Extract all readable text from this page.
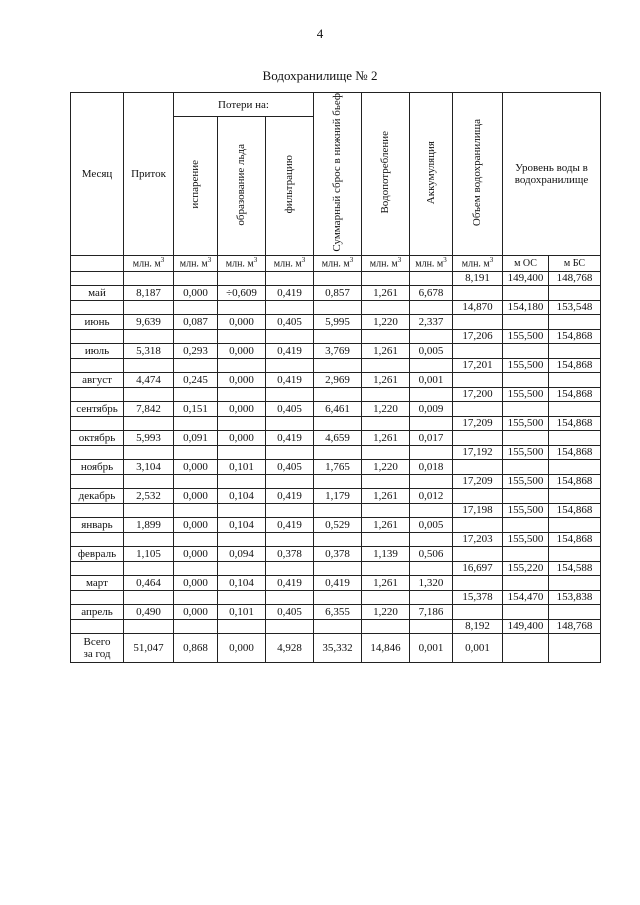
4
Водохранилище № 2
Месяц	Приток	Потери на:			Суммарный сброс в нижний бьеф	Водопотребление	Аккумуляция	Объем водохранилища	Уровень воды в водохранилище	
		испарение	образование льда	фильтрацию						
	млн. $м^3$	млн. $м^3$	млн. $м^3$	млн. $м^3$	млн. $м^3$	млн. $м^3$	млн. $м^3$	млн. $м^3$	м ОС	м БС
								8,191	149,400	148,768
май	8,187	0,000	÷0,609	0,419	0,857	1,261	6,678			
								14,870	154,180	153,548
июнь	9,639	0,087	0,000	0,405	5,995	1,220	2,337			
								17,206	155,500	154,868
июль	5,318	0,293	0,000	0,419	3,769	1,261	0,005			
								17,201	155,500	154,868
август	4,474	0,245	0,000	0,419	2,969	1,261	0,001			
								17,200	155,500	154,868
сентябрь	7,842	0,151	0,000	0,405	6,461	1,220	0,009			
								17,209	155,500	154,868
октябрь	5,993	0,091	0,000	0,419	4,659	1,261	0,017			
								17,192	155,500	154,868
ноябрь	3,104	0,000	0,101	0,405	1,765	1,220	0,018			
								17,209	155,500	154,868
декабрь	2,532	0,000	0,104	0,419	1,179	1,261	0,012			
								17,198	155,500	154,868
январь	1,899	0,000	0,104	0,419	0,529	1,261	0,005			
								17,203	155,500	154,868
февраль	1,105	0,000	0,094	0,378	0,378	1,139	0,506			
								16,697	155,220	154,588
март	0,464	0,000	0,104	0,419	0,419	1,261	1,320			
								15,378	154,470	153,838
апрель	0,490	0,000	0,101	0,405	6,355	1,220	7,186			
								8,192	149,400	148,768

Всего
за год	51,047	0,868	0,000	4,928	35,332	14,846	0,001	0,001		
